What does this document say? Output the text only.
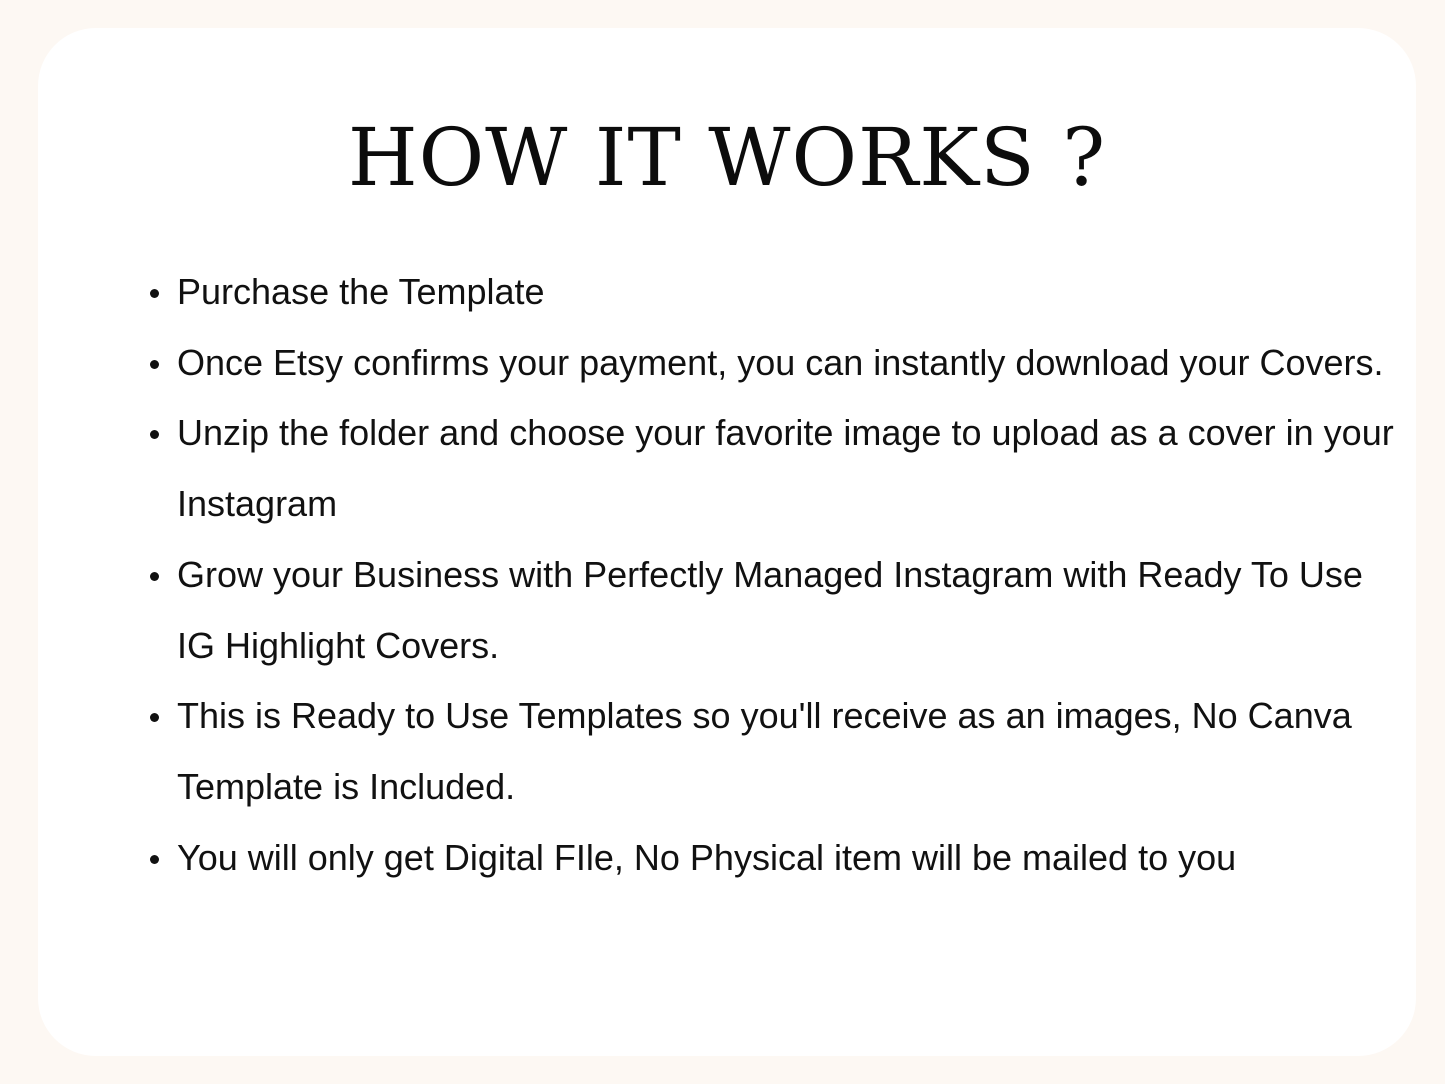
HOW IT WORKS ?
Purchase the Template
Once Etsy confirms your payment, you can instantly download your Covers.
Unzip the folder and choose your favorite image to upload as a cover in your Instagram
Grow your Business with Perfectly Managed Instagram with Ready To Use IG Highlight Covers.
This is Ready to Use Templates so you'll receive as an images, No Canva Template is Included.
You will only get Digital FIle, No Physical item will be mailed to you
